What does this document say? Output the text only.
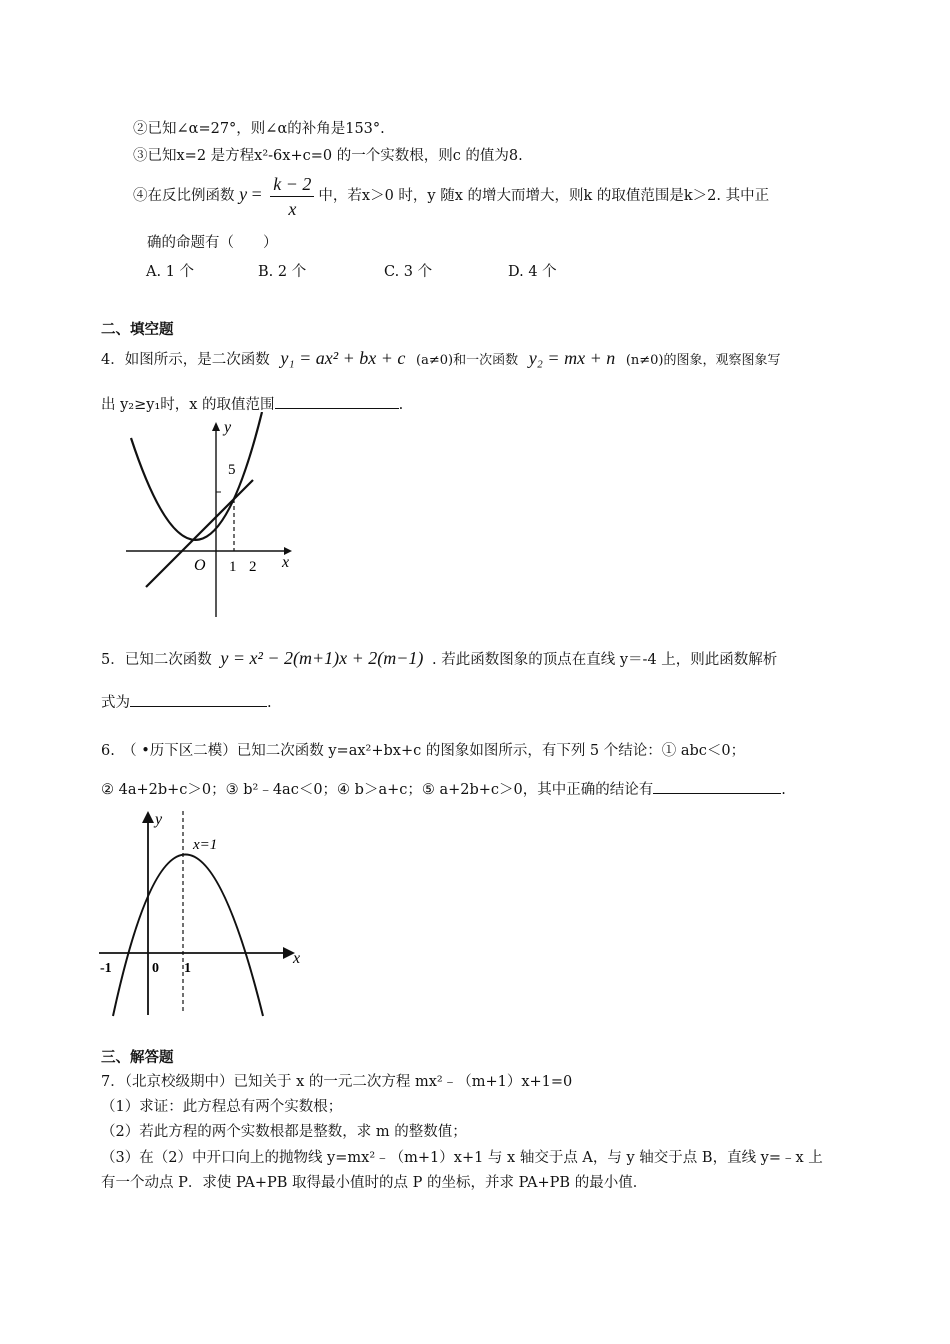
②已知∠α=27°，则∠α的补角是153°.
③已知x=2 是方程x²-6x+c=0 的一个实数根，则c 的值为8.
④在反比例函数 $y = \frac{k - 2}{x}$ 中，若x＞0 时，y 随x 的增大而增大，则k 的取值范围是k＞2. 其中正
确的命题有（　　）
A. 1 个	B. 2 个	C. 3 个	D. 4 个
二、填空题
4．如图所示，是二次函数 y₁ = ax² + bx + c (a≠0)和一次函数 y₂ = mx + n (n≠0)的图象，观察图象写
出 y₂≥y₁时，x 的取值范围	.
y
x
O 1 2
5
5．已知二次函数 y = x² − 2(m+1)x + 2(m−1) . 若此函数图象的顶点在直线 y＝-4 上，则此函数解析
式为	.
6.　（ •历下区二模）已知二次函数 y=ax²+bx+c 的图象如图所示，有下列 5 个结论：① abc＜0；
② 4a+2b+c＞0；③ b²﹣4ac＜0；④ b＞a+c；⑤ a+2b+c＞0，其中正确的结论有	.
y
x
x=1
-1	0 1
三、解答题
7．（北京校级期中）已知关于 x 的一元二次方程 mx²﹣（m+1）x+1=0
（1）求证：此方程总有两个实数根；
（2）若此方程的两个实数根都是整数，求 m 的整数值；
（3）在（2）中开口向上的抛物线 y=mx²﹣（m+1）x+1 与 x 轴交于点 A，与 y 轴交于点 B，直线 y=﹣x 上
有一个动点 P．求使 PA+PB 取得最小值时的点 P 的坐标，并求 PA+PB 的最小值．
